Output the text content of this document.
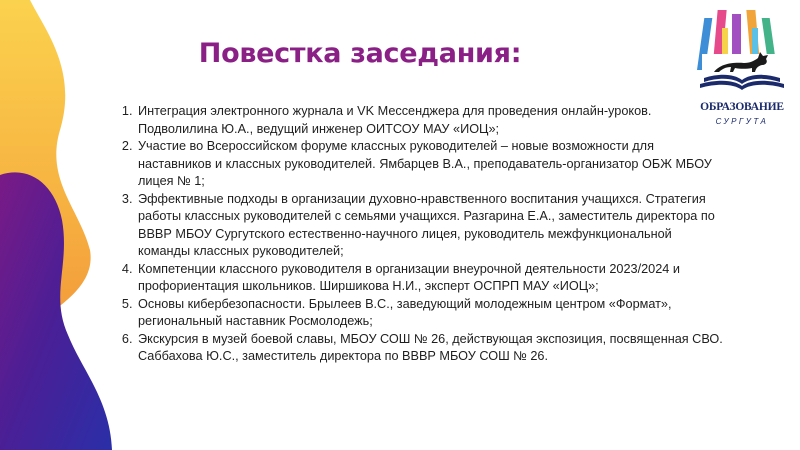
Повестка заседания:
1. Интеграция электронного журнала и VK Мессенджера для проведения онлайн-уроков. Подволилина Ю.А., ведущий инженер ОИТСОУ МАУ «ИОЦ»;
2. Участие во Всероссийском форуме классных руководителей – новые возможности для наставников и классных руководителей. Ямбарцев В.А., преподаватель-организатор ОБЖ МБОУ лицея № 1;
3. Эффективные подходы в организации духовно-нравственного воспитания учащихся. Стратегия работы классных руководителей с семьями учащихся. Разгарина Е.А., заместитель директора по ВВВР МБОУ Сургутского естественно-научного лицея, руководитель межфункциональной команды классных руководителей;
4. Компетенции классного руководителя в организации внеурочной деятельности 2023/2024 и профориентация школьников. Ширшикова Н.И., эксперт ОСПРП МАУ «ИОЦ»;
5. Основы кибербезопасности. Брылеев В.С., заведующий молодежным центром «Формат», региональный наставник Росмолодежь;
6. Экскурсия в музей боевой славы, МБОУ СОШ № 26, действующая экспозиция, посвященная СВО. Саббахова Ю.С., заместитель директора по ВВВР МБОУ СОШ № 26.
ОБРАЗОВАНИЕ
СУРГУТА
